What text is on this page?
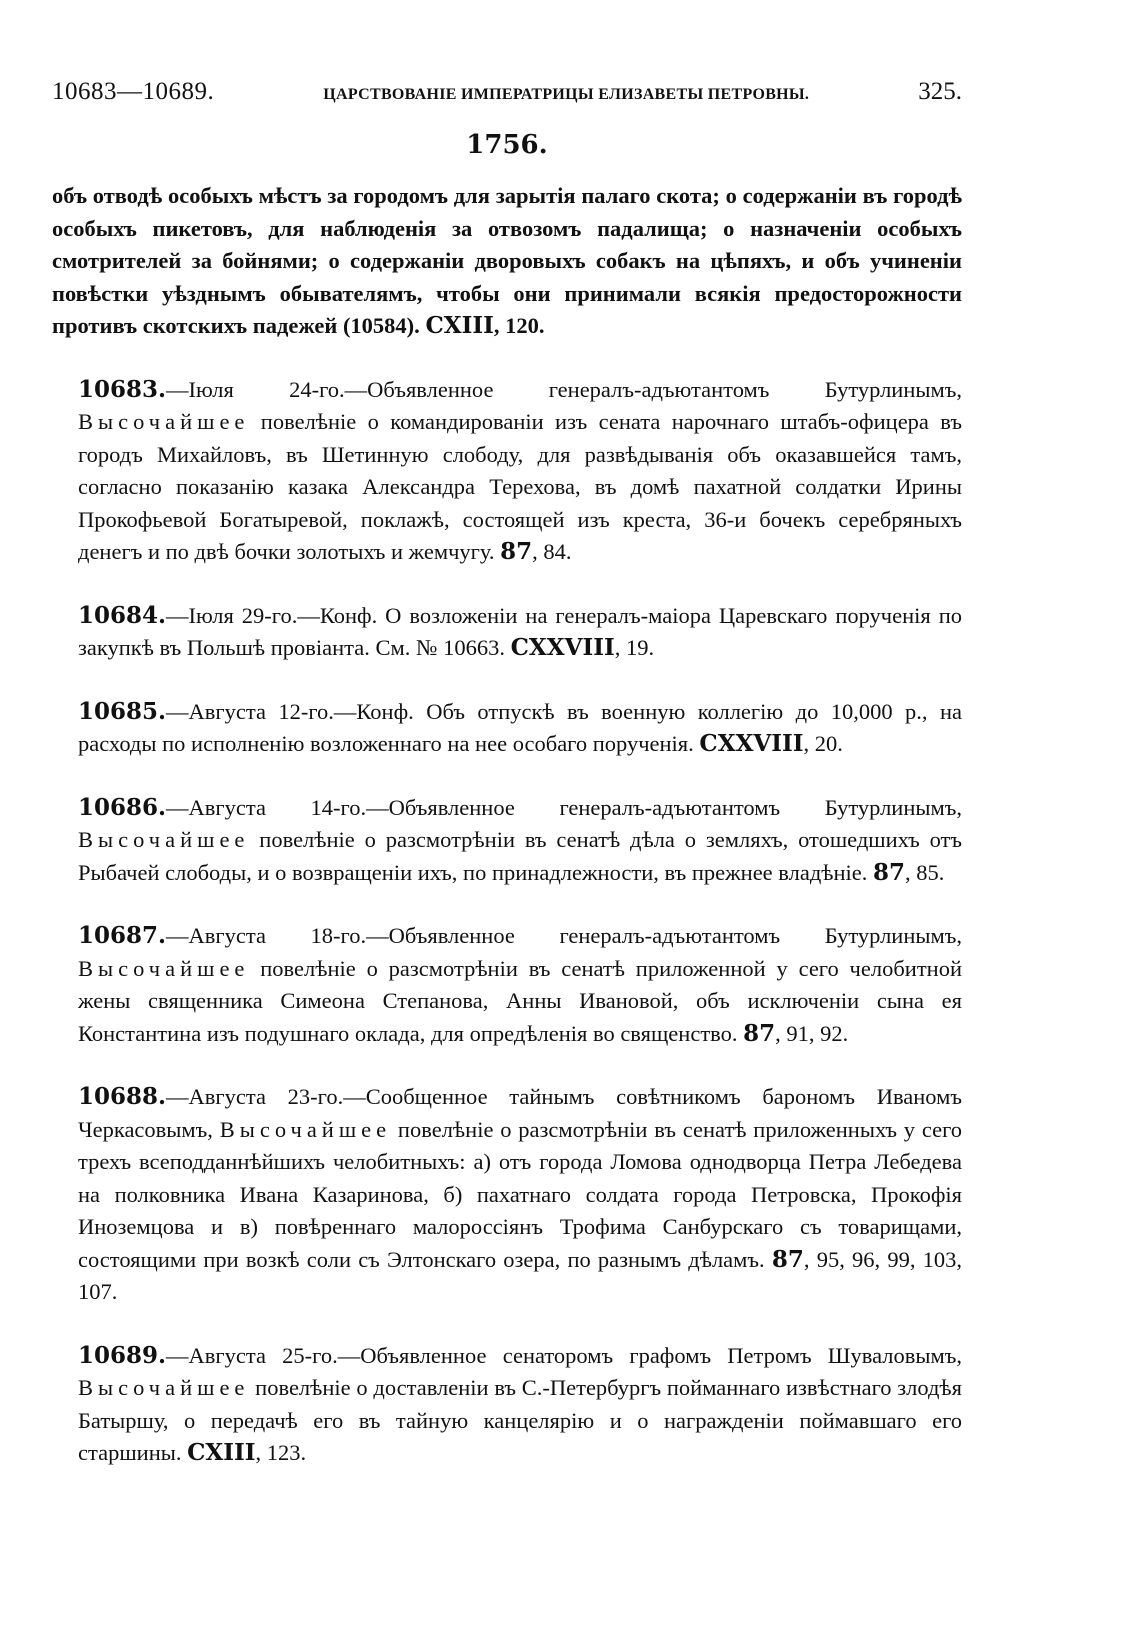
10683—10689.	ЦАРСТВОВАНІЕ ИМПЕРАТРИЦЫ ЕЛИЗАВЕТЫ ПЕТРОВНЫ.	325.
1756.

объ отводѣ особыхъ мѣстъ за городомъ для зарытія палаго скота; о содержаніи въ городѣ особыхъ пикетовъ, для наблюденія за отвозомъ падалища; о назначеніи особыхъ смотрителей за бойнями; о содержаніи дворовыхъ собакъ на цѣпяхъ, и объ учиненіи повѣстки уѣзднымъ обывателямъ, чтобы они принимали всякія предосторожности противъ скотскихъ падежей (10584). CXIII, 120.

10683.—Іюля 24-го.—Объявленное генералъ-адъютантомъ Бутурлинымъ, Высочайшее повелѣніе о командированіи изъ сената нарочнаго штабъ-офицера въ городъ Михайловъ, въ Шетинную слободу, для развѣдыванія объ оказавшейся тамъ, согласно показанію казака Александра Терехова, въ домѣ пахатной солдатки Ирины Прокофьевой Богатыревой, поклажѣ, состоящей изъ креста, 36-и бочекъ серебряныхъ денегъ и по двѣ бочки золотыхъ и жемчугу. 87, 84.

10684.—Іюля 29-го.—Конф. О возложеніи на генералъ-маіора Царевскаго порученія по закупкѣ въ Польшѣ провіанта. См. № 10663. CXXVIII, 19.

10685.—Августа 12-го.—Конф. Объ отпускѣ въ военную коллегію до 10,000 р., на расходы по исполненію возложеннаго на нее особаго порученія. CXXVIII, 20.

10686.—Августа 14-го.—Объявленное генералъ-адъютантомъ Бутурлинымъ, Высочайшее повелѣніе о разсмотрѣніи въ сенатѣ дѣла о земляхъ, отошедшихъ отъ Рыбачей слободы, и о возвращеніи ихъ, по принадлежности, въ прежнее владѣніе. 87, 85.

10687.—Августа 18-го.—Объявленное генералъ-адъютантомъ Бутурлинымъ, Высочайшее повелѣніе о разсмотрѣніи въ сенатѣ приложенной у сего челобитной жены священника Симеона Степанова, Анны Ивановой, объ исключеніи сына ея Константина изъ подушнаго оклада, для опредѣленія во священство. 87, 91, 92.

10688.—Августа 23-го.—Сообщенное тайнымъ совѣтникомъ барономъ Иваномъ Черкасовымъ, Высочайшее повелѣніе о разсмотрѣніи въ сенатѣ приложенныхъ у сего трехъ всеподданнѣйшихъ челобитныхъ: а) отъ города Ломова однодворца Петра Лебедева на полковника Ивана Казаринова, б) пахатнаго солдата города Петровска, Прокофія Иноземцова и в) повѣреннаго малороссіянъ Трофима Санбурскаго съ товарищами, состоящими при возкѣ соли съ Элтонскаго озера, по разнымъ дѣламъ. 87, 95, 96, 99, 103, 107.

10689.—Августа 25-го.—Объявленное сенаторомъ графомъ Петромъ Шуваловымъ, Высочайшее повелѣніе о доставленіи въ С.-Петербургъ пойманнаго извѣстнаго злодѣя Батыршу, о передачѣ его въ тайную канцелярію и о награжденіи поймавшаго его старшины. CXIII, 123.
